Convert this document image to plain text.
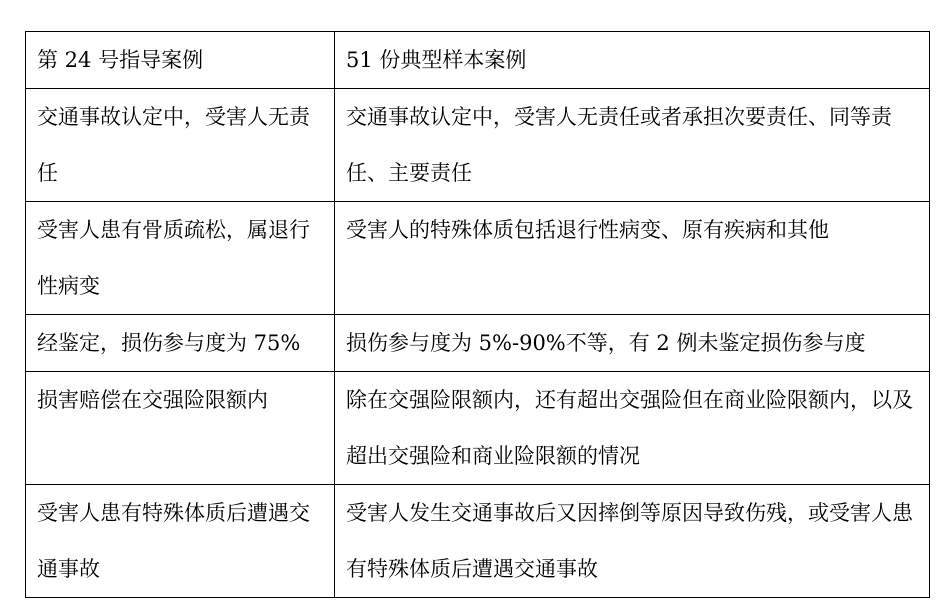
第 24 号指导案例	51 份典型样本案例

交通事故认定中，受害人无责任	交通事故认定中，受害人无责任或者承担次要责任、同等责任、主要责任

受害人患有骨质疏松，属退行性病变	受害人的特殊体质包括退行性病变、原有疾病和其他

经鉴定，损伤参与度为 75%	损伤参与度为 5%-90%不等，有 2 例未鉴定损伤参与度

损害赔偿在交强险限额内	除在交强险限额内，还有超出交强险但在商业险限额内，以及超出交强险和商业险限额的情况

受害人患有特殊体质后遭遇交通事故	受害人发生交通事故后又因摔倒等原因导致伤残，或受害人患有特殊体质后遭遇交通事故
